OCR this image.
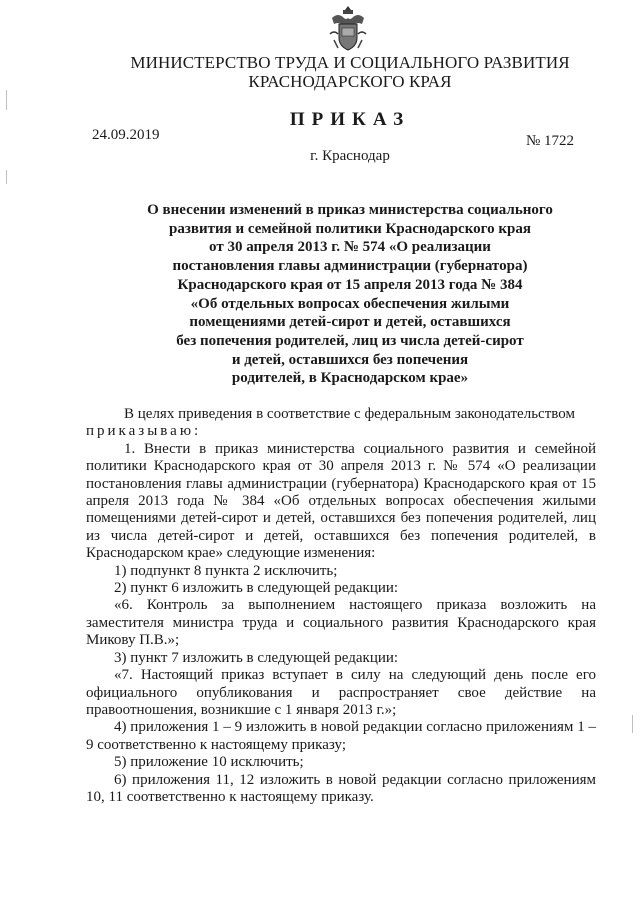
МИНИСТЕРСТВО ТРУДА И СОЦИАЛЬНОГО РАЗВИТИЯ
КРАСНОДАРСКОГО КРАЯ
ПРИКАЗ
24.09.2019	№ 1722
г. Краснодар
О внесении изменений в приказ министерства социального
развития и семейной политики Краснодарского края
от 30 апреля 2013 г. № 574 «О реализации
постановления главы администрации (губернатора)
Краснодарского края от 15 апреля 2013 года № 384
«Об отдельных вопросах обеспечения жилыми
помещениями детей-сирот и детей, оставшихся
без попечения родителей, лиц из числа детей-сирот
и детей, оставшихся без попечения
родителей, в Краснодарском крае»

В целях приведения в соответствие с федеральным законодательством

приказываю:

1. Внести в приказ министерства социального развития и семейной политики Краснодарского края от 30 апреля 2013 г. № 574 «О реализации постановления главы администрации (губернатора) Краснодарского края от 15 апреля 2013 года № 384 «Об отдельных вопросах обеспечения жилыми помещениями детей-сирот и детей, оставшихся без попечения родителей, лиц из числа детей-сирот и детей, оставшихся без попечения родителей, в Краснодарском крае» следующие изменения:

1) подпункт 8 пункта 2 исключить;

2) пункт 6 изложить в следующей редакции:

«6. Контроль за выполнением настоящего приказа возложить на заместителя министра труда и социального развития Краснодарского края Микову П.В.»;

3) пункт 7 изложить в следующей редакции:

«7. Настоящий приказ вступает в силу на следующий день после его официального опубликования и распространяет свое действие на правоотношения, возникшие с 1 января 2013 г.»;

4) приложения 1 – 9 изложить в новой редакции согласно приложениям 1 – 9 соответственно к настоящему приказу;

5) приложение 10 исключить;

6) приложения 11, 12 изложить в новой редакции согласно приложениям 10, 11 соответственно к настоящему приказу.
